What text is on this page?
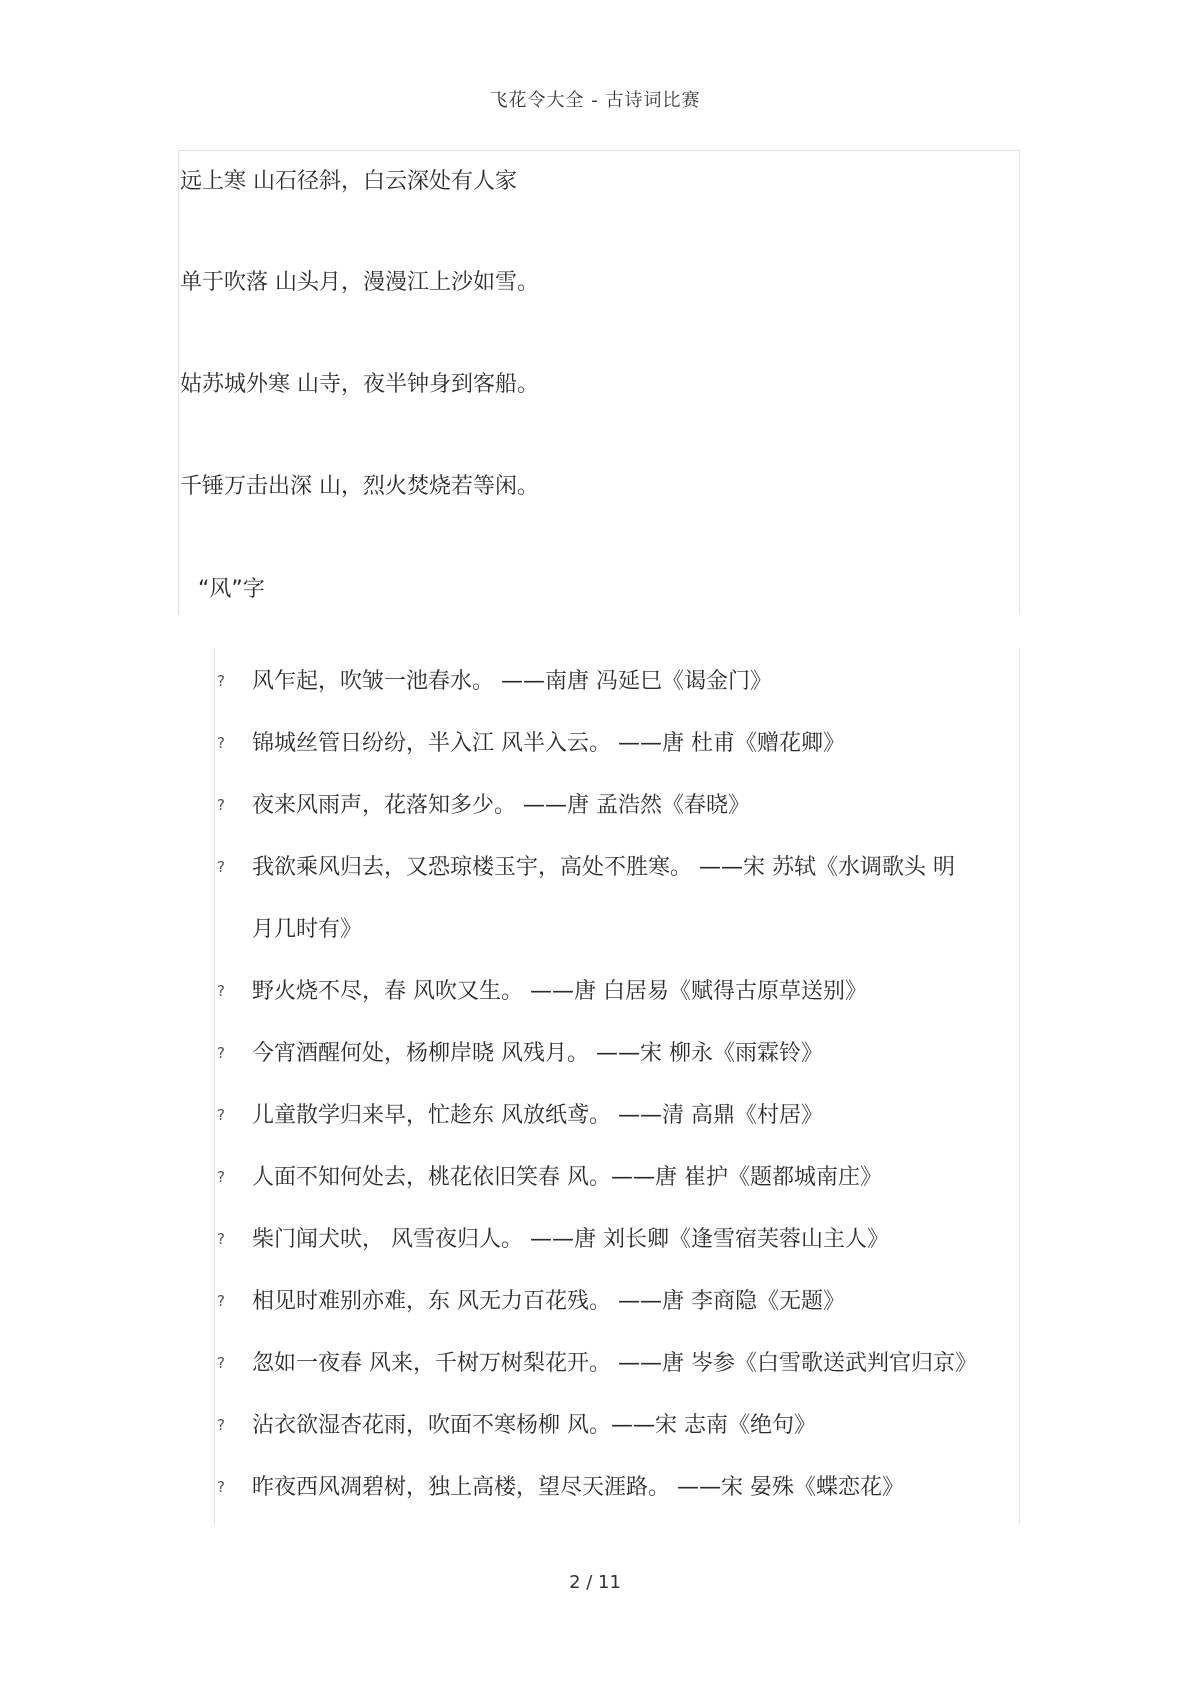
飞花令大全 - 古诗词比赛
远上寒 山石径斜，白云深处有人家
单于吹落 山头月，漫漫江上沙如雪。
姑苏城外寒 山寺，夜半钟身到客船。
千锤万击出深 山，烈火焚烧若等闲。
“风”字
? 风乍起，吹皱一池春水。 ——南唐 冯延巳《谒金门》
? 锦城丝管日纷纷，半入江 风半入云。 ——唐 杜甫《赠花卿》
? 夜来风雨声，花落知多少。 ——唐 孟浩然《春晓》
? 我欲乘风归去，又恐琼楼玉宇，高处不胜寒。 ——宋 苏轼《水调歌头 明
月几时有》
? 野火烧不尽，春 风吹又生。 ——唐 白居易《赋得古原草送别》
? 今宵酒醒何处，杨柳岸晓 风残月。 ——宋 柳永《雨霖铃》
? 儿童散学归来早，忙趁东 风放纸鸢。 ——清 高鼎《村居》
? 人面不知何处去，桃花依旧笑春 风。——唐 崔护《题都城南庄》
? 柴门闻犬吠， 风雪夜归人。 ——唐 刘长卿《逢雪宿芙蓉山主人》
? 相见时难别亦难，东 风无力百花残。 ——唐 李商隐《无题》
? 忽如一夜春 风来，千树万树梨花开。 ——唐 岑参《白雪歌送武判官归京》
? 沾衣欲湿杏花雨，吹面不寒杨柳 风。——宋 志南《绝句》
? 昨夜西风凋碧树，独上高楼，望尽天涯路。 ——宋 晏殊《蝶恋花》
2 / 11
